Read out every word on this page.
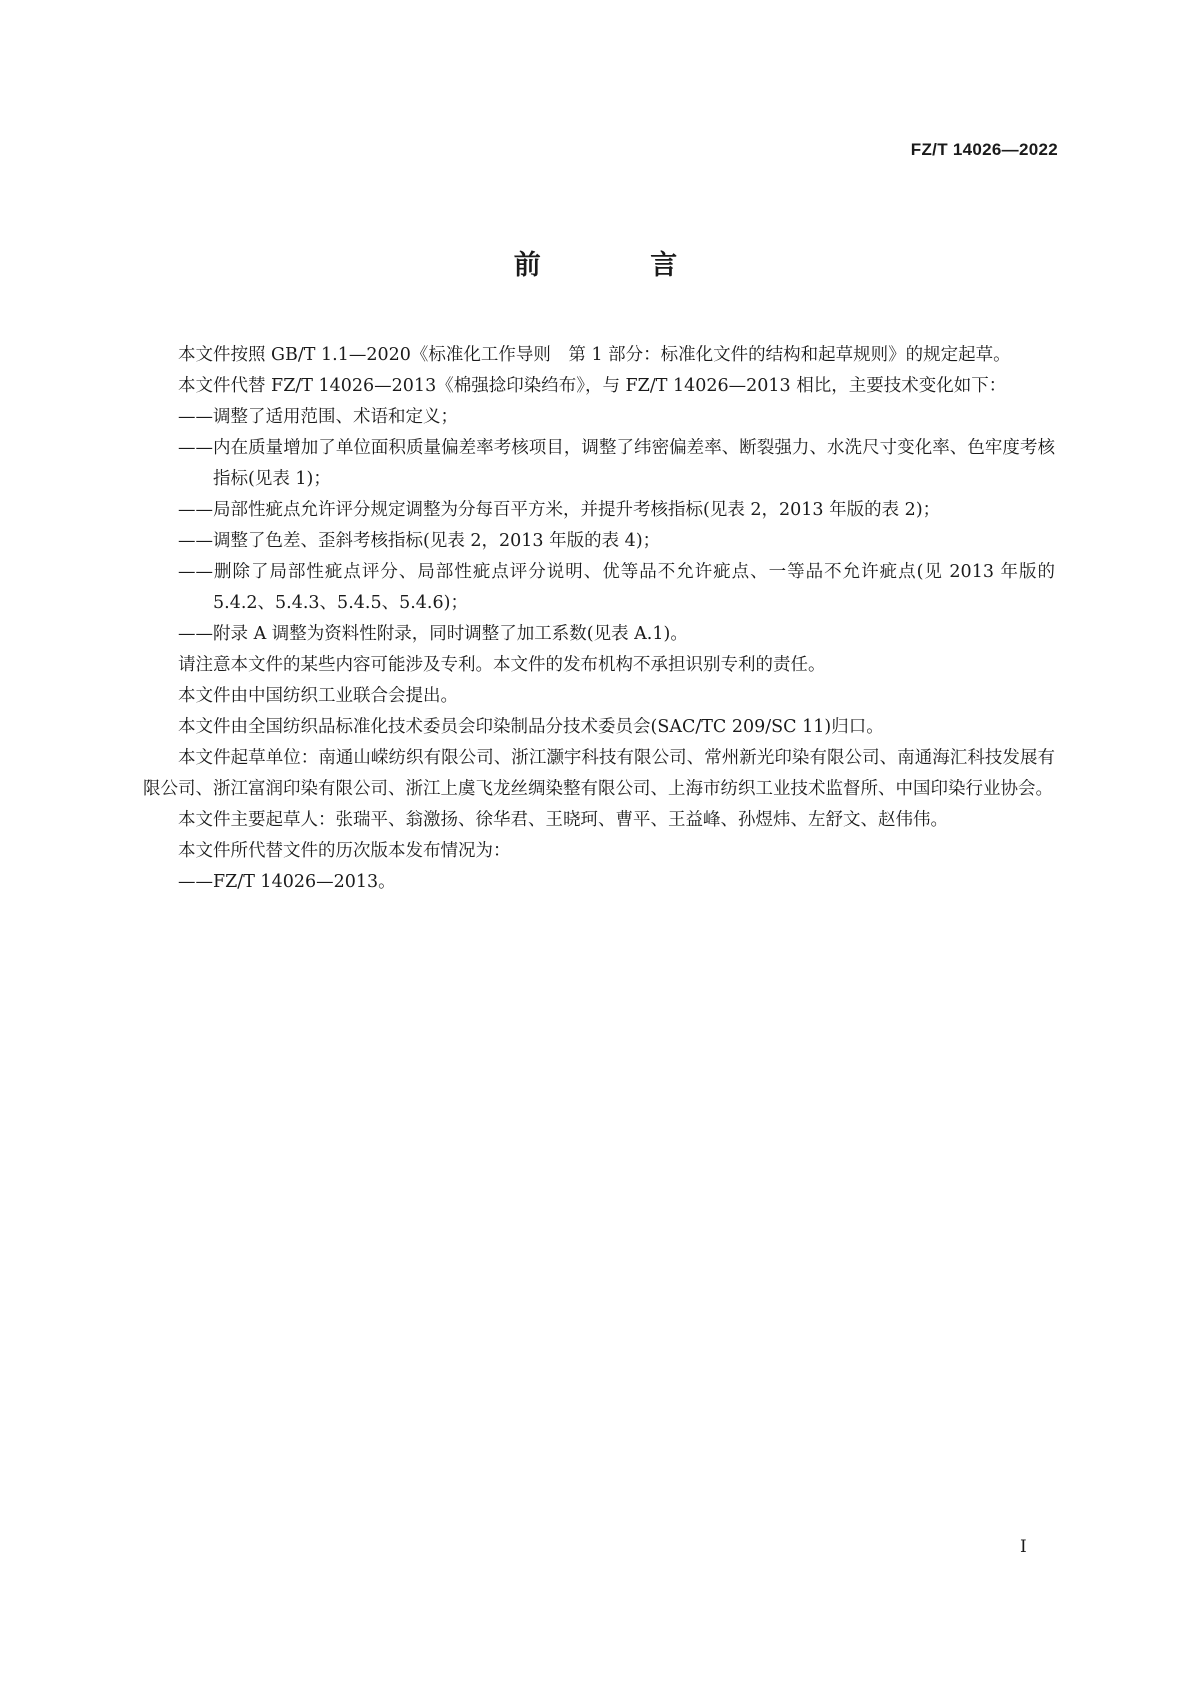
FZ/T 14026—2022
前 言

本文件按照 GB/T 1.1—2020《标准化工作导则　第 1 部分：标准化文件的结构和起草规则》的规定起草。

本文件代替 FZ/T 14026—2013《棉强捻印染绉布》，与 FZ/T 14026—2013 相比，主要技术变化如下：

——调整了适用范围、术语和定义；

——内在质量增加了单位面积质量偏差率考核项目，调整了纬密偏差率、断裂强力、水洗尺寸变化率、色牢度考核指标(见表 1)；

——局部性疵点允许评分规定调整为分每百平方米，并提升考核指标(见表 2，2013 年版的表 2)；

——调整了色差、歪斜考核指标(见表 2，2013 年版的表 4)；

——删除了局部性疵点评分、局部性疵点评分说明、优等品不允许疵点、一等品不允许疵点(见 2013 年版的 5.4.2、5.4.3、5.4.5、5.4.6)；

——附录 A 调整为资料性附录，同时调整了加工系数(见表 A.1)。

请注意本文件的某些内容可能涉及专利。本文件的发布机构不承担识别专利的责任。

本文件由中国纺织工业联合会提出。

本文件由全国纺织品标准化技术委员会印染制品分技术委员会(SAC/TC 209/SC 11)归口。

本文件起草单位：南通山嵘纺织有限公司、浙江灏宇科技有限公司、常州新光印染有限公司、南通海汇科技发展有限公司、浙江富润印染有限公司、浙江上虞飞龙丝绸染整有限公司、上海市纺织工业技术监督所、中国印染行业协会。

本文件主要起草人：张瑞平、翁激扬、徐华君、王晓珂、曹平、王益峰、孙煜炜、左舒文、赵伟伟。

本文件所代替文件的历次版本发布情况为：

——FZ/T 14026—2013。

I
